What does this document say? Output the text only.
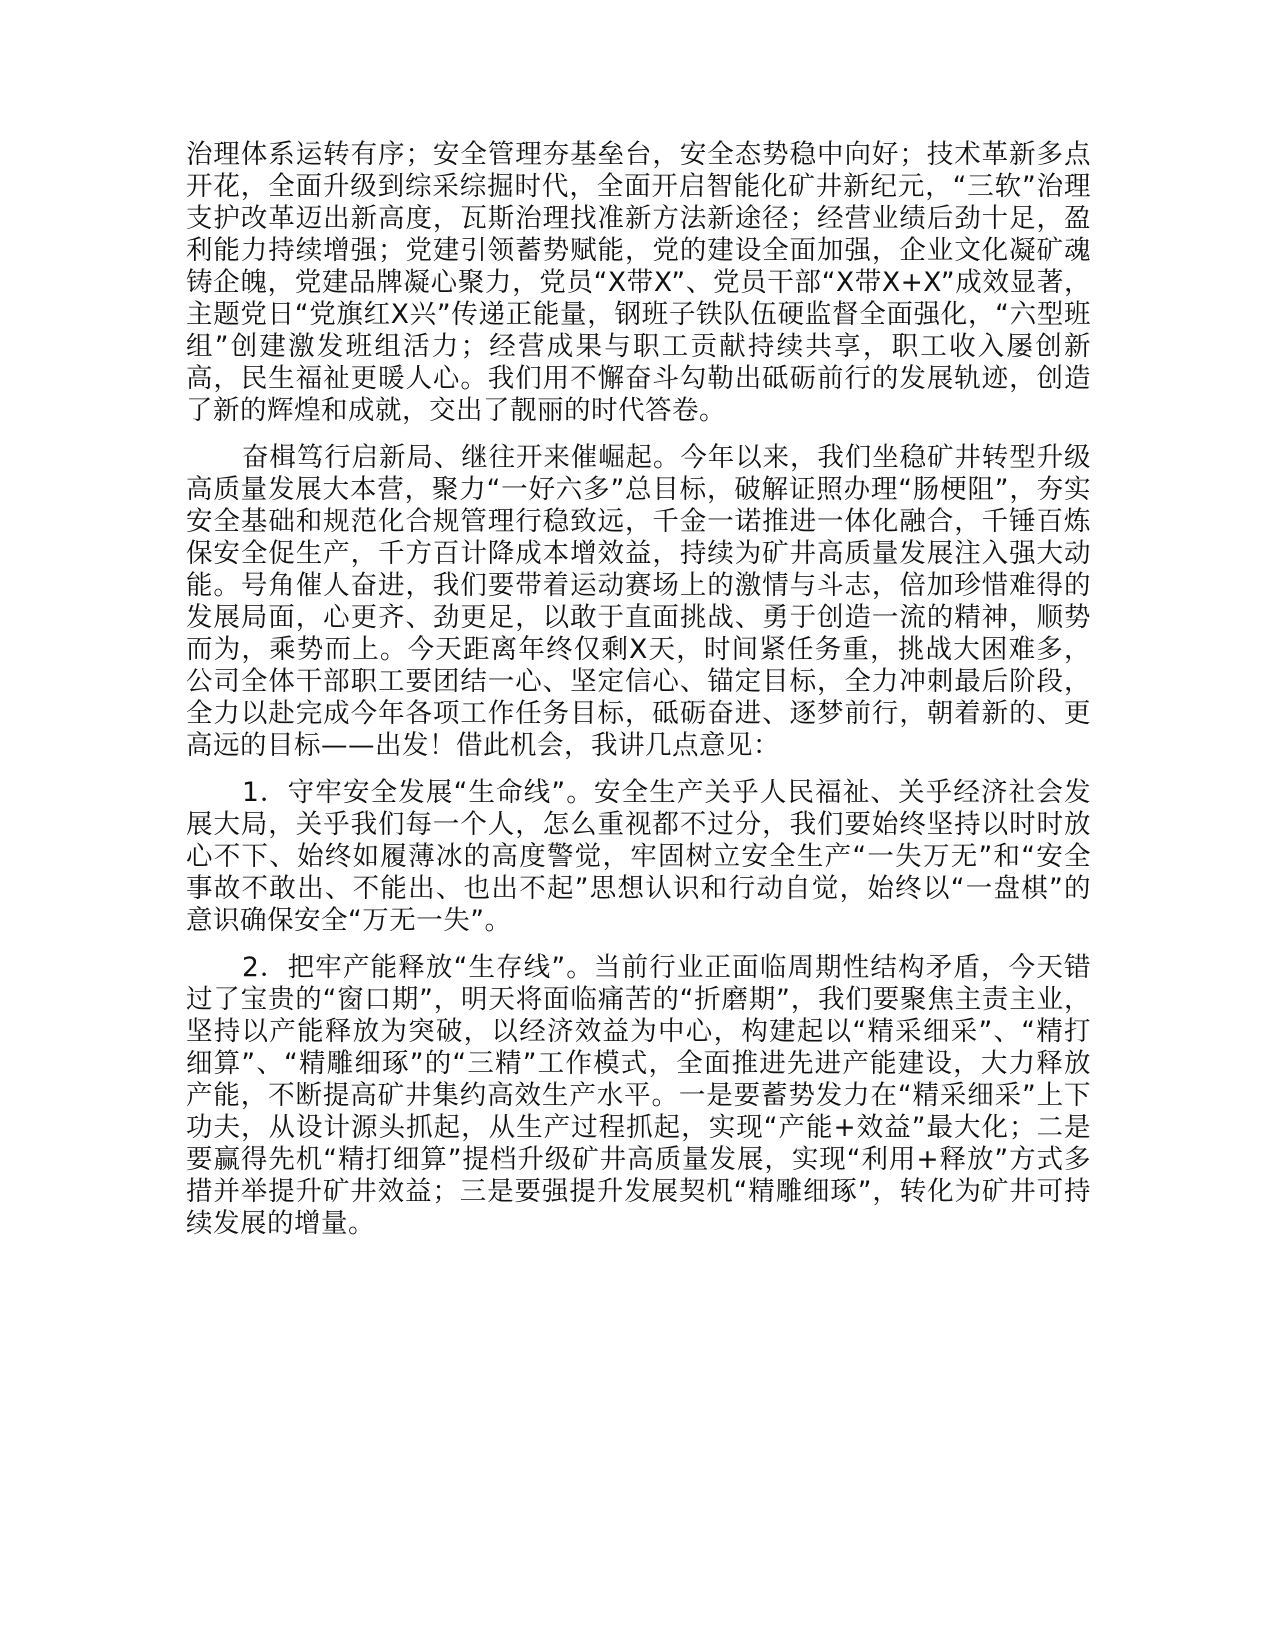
治理体系运转有序；安全管理夯基垒台，安全态势稳中向好；技术革新多点开花，全面升级到综采综掘时代，全面开启智能化矿井新纪元，“三软”治理支护改革迈出新高度，瓦斯治理找准新方法新途径；经营业绩后劲十足，盈利能力持续增强；党建引领蓄势赋能，党的建设全面加强，企业文化凝矿魂铸企魄，党建品牌凝心聚力，党员“X带X”、党员干部“X带X+X”成效显著，主题党日“党旗红X兴”传递正能量，钢班子铁队伍硬监督全面强化，“六型班组”创建激发班组活力；经营成果与职工贡献持续共享，职工收入屡创新高，民生福祉更暖人心。我们用不懈奋斗勾勒出砥砺前行的发展轨迹，创造了新的辉煌和成就，交出了靓丽的时代答卷。

奋楫笃行启新局、继往开来催崛起。今年以来，我们坐稳矿井转型升级高质量发展大本营，聚力“一好六多”总目标，破解证照办理“肠梗阻”，夯实安全基础和规范化合规管理行稳致远，千金一诺推进一体化融合，千锤百炼保安全促生产，千方百计降成本增效益，持续为矿井高质量发展注入强大动能。号角催人奋进，我们要带着运动赛场上的激情与斗志，倍加珍惜难得的发展局面，心更齐、劲更足，以敢于直面挑战、勇于创造一流的精神，顺势而为，乘势而上。今天距离年终仅剩X天，时间紧任务重，挑战大困难多，公司全体干部职工要团结一心、坚定信心、锚定目标，全力冲刺最后阶段，全力以赴完成今年各项工作任务目标，砥砺奋进、逐梦前行，朝着新的、更高远的目标——出发！借此机会，我讲几点意见：

1．守牢安全发展“生命线”。安全生产关乎人民福祉、关乎经济社会发展大局，关乎我们每一个人，怎么重视都不过分，我们要始终坚持以时时放心不下、始终如履薄冰的高度警觉，牢固树立安全生产“一失万无”和“安全事故不敢出、不能出、也出不起”思想认识和行动自觉，始终以“一盘棋”的意识确保安全“万无一失”。

2．把牢产能释放“生存线”。当前行业正面临周期性结构矛盾，今天错过了宝贵的“窗口期”，明天将面临痛苦的“折磨期”，我们要聚焦主责主业，坚持以产能释放为突破，以经济效益为中心，构建起以“精采细采”、“精打细算”、“精雕细琢”的“三精”工作模式，全面推进先进产能建设，大力释放产能，不断提高矿井集约高效生产水平。一是要蓄势发力在“精采细采”上下功夫，从设计源头抓起，从生产过程抓起，实现“产能+效益”最大化；二是要赢得先机“精打细算”提档升级矿井高质量发展，实现“利用+释放”方式多措并举提升矿井效益；三是要强提升发展契机“精雕细琢”，转化为矿井可持续发展的增量。
